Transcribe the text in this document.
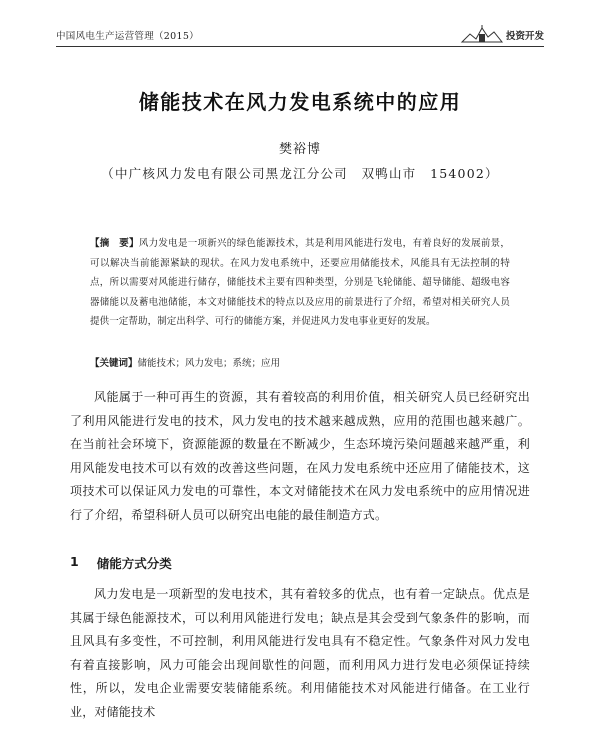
中国风电生产运营管理（2015）	投资开发
储能技术在风力发电系统中的应用
樊裕博
（中广核风力发电有限公司黑龙江分公司　双鸭山市　154002）
【摘　要】风力发电是一项新兴的绿色能源技术，其是利用风能进行发电，有着良好的发展前景，可以解决当前能源紧缺的现状。在风力发电系统中，还要应用储能技术，风能具有无法控制的特点，所以需要对风能进行储存，储能技术主要有四种类型，分别是飞轮储能、超导储能、超级电容器储能以及蓄电池储能，本文对储能技术的特点以及应用的前景进行了介绍，希望对相关研究人员提供一定帮助，制定出科学、可行的储能方案，并促进风力发电事业更好的发展。
【关键词】储能技术；风力发电；系统；应用
风能属于一种可再生的资源，其有着较高的利用价值，相关研究人员已经研究出了利用风能进行发电的技术，风力发电的技术越来越成熟，应用的范围也越来越广。在当前社会环境下，资源能源的数量在不断减少，生态环境污染问题越来越严重，利用风能发电技术可以有效的改善这些问题，在风力发电系统中还应用了储能技术，这项技术可以保证风力发电的可靠性，本文对储能技术在风力发电系统中的应用情况进行了介绍，希望科研人员可以研究出电能的最佳制造方式。
1 储能方式分类
风力发电是一项新型的发电技术，其有着较多的优点，也有着一定缺点。优点是其属于绿色能源技术，可以利用风能进行发电；缺点是其会受到气象条件的影响，而且风具有多变性，不可控制，利用风能进行发电具有不稳定性。气象条件对风力发电有着直接影响，风力可能会出现间歇性的问题，而利用风力进行发电必须保证持续性，所以，发电企业需要安装储能系统。利用储能技术对风能进行储备。在工业行业，对储能技术
